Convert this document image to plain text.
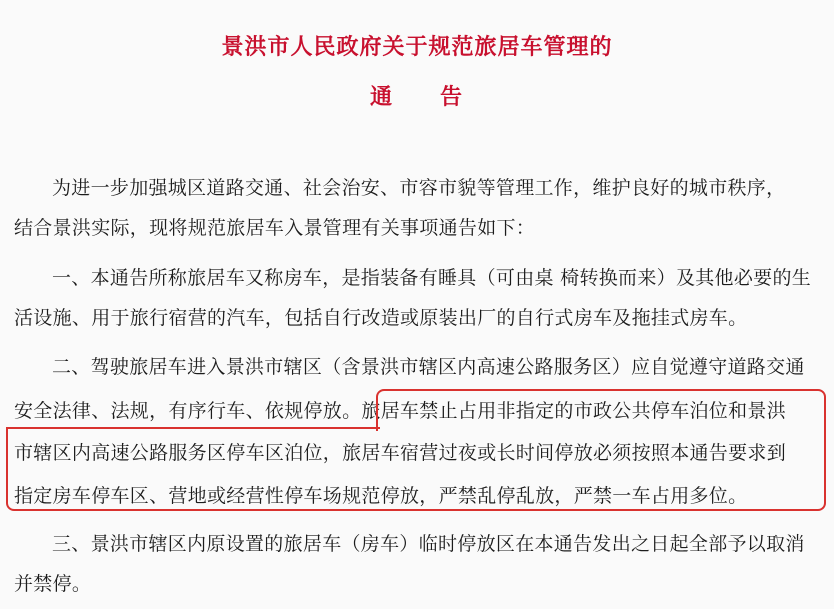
景洪市人民政府关于规范旅居车管理的
通 告
为进一步加强城区道路交通、社会治安、市容市貌等管理工作，维护良好的城市秩序，
结合景洪实际，现将规范旅居车入景管理有关事项通告如下：
一、本通告所称旅居车又称房车，是指装备有睡具（可由桌 椅转换而来）及其他必要的生
活设施、用于旅行宿营的汽车，包括自行改造或原装出厂的自行式房车及拖挂式房车。
二、驾驶旅居车进入景洪市辖区（含景洪市辖区内高速公路服务区）应自觉遵守道路交通
安全法律、法规，有序行车、依规停放。旅居车禁止占用非指定的市政公共停车泊位和景洪
市辖区内高速公路服务区停车区泊位，旅居车宿营过夜或长时间停放必须按照本通告要求到
指定房车停车区、营地或经营性停车场规范停放，严禁乱停乱放，严禁一车占用多位。
三、景洪市辖区内原设置的旅居车（房车）临时停放区在本通告发出之日起全部予以取消
并禁停。
